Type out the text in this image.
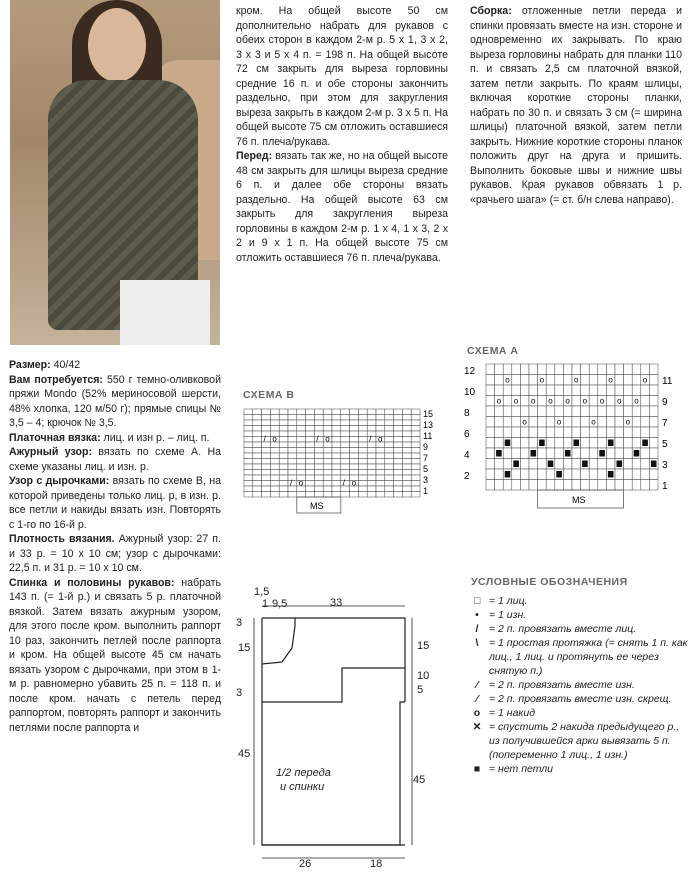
Размер: 40/42

Вам потребуется: 550 г темно-оливковой пряжи Mondo (52% мериносовой шерсти, 48% хлопка, 120 м/50 г); прямые спицы № 3,5 – 4; крючок № 3,5.

Платочная вязка: лиц. и изн р. – лиц. п.

Ажурный узор: вязать по схеме А. На схеме указаны лиц. и изн. р.

Узор с дырочками: вязать по схеме В, на которой приведены только лиц. р, в изн. р. все петли и накиды вязать изн. Повторять с 1-го по 16-й р.

Плотность вязания. Ажурный узор: 27 п. и 33 р. = 10 х 10 см; узор с дырочками: 22,5 п. и 31 р. = 10 х 10 см.

Спинка и половины рукавов: набрать 143 п. (= 1-й р.) и связать 5 р. платочной вязкой. Затем вязать ажурным узором, для этого после кром. выполнить раппорт 10 раз, закончить петлей после раппорта и кром. На общей высоте 45 см начать вязать узором с дырочками, при этом в 1-м р. равномерно убавить 25 п. = 118 п. и после кром. начать с петель перед раппортом, повторять раппорт и закончить петлями после раппорта и

кром. На общей высоте 50 см дополнительно набрать для рукавов с обеих сторон в каждом 2-м р. 5 х 1, 3 х 2, 3 х 3 и 5 х 4 п. = 198 п. На общей высоте 72 см закрыть для выреза горловины средние 16 п. и обе стороны закончить раздельно, при этом для закругления выреза закрыть в каждом 2-м р. 3 х 5 п. На общей высоте 75 см отложить оставшиеся 76 п. плеча/рукава.

Перед: вязать так же, но на общей высоте 48 см закрыть для шлицы выреза средние 6 п. и далее обе стороны вязать раздельно. На общей высоте 63 см закрыть для закругления выреза горловины в каждом 2-м р. 1 х 4, 1 х 3, 2 х 2 и 9 х 1 п. На общей высоте 75 см отложить оставшиеся 76 п. плеча/рукава.

Сборка: отложенные петли переда и спинки провязать вместе на изн. стороне и одновременно их закрывать. По краю выреза горловины набрать для планки 110 п. и связать 2,5 см платочной вязкой, затем петли закрыть. По краям шлицы, включая короткие стороны планки, набрать по 30 п. и связать 3 см (= ширина шлицы) платочной вязкой, затем петли закрыть. Нижние короткие стороны планок положить друг на друга и пришить. Выполнить боковые швы и нижние швы рукавов. Края рукавов обвязать 1 р. «рачьего шага» (= ст. б/н слева направо).

СХЕМА В
/ o	/ o	/ o
/ o	/ o
15
13
11
9
7
5
3
1
MS
СХЕМА А
o o o o o o o o o
o	o	o	o	o
o	o	o	o
12
10
8
6
4
2
11
9
7
5
3
1
MS
1,5
1 9,5	33
3
15	15
10
5
3
45
45
26	18
1/2 переда
и спинки
УСЛОВНЫЕ ОБОЗНАЧЕНИЯ
□ = 1 лиц.
• = 1 изн.
/	= 2 п. провязать вместе лиц.
\	= 1 простая протяжка (= снять 1 п. как лиц., 1 лиц. и протянуть ее через снятую п.)
⁄	= 2 п. провязать вместе изн.
⁄	= 2 п. провязать вместе изн. скрещ.
o = 1 накид
✕ = спустить 2 накида предыдущего р., из получившейся арки вывязать 5 п. (попеременно 1 лиц., 1 изн.)
■ = нет петли
